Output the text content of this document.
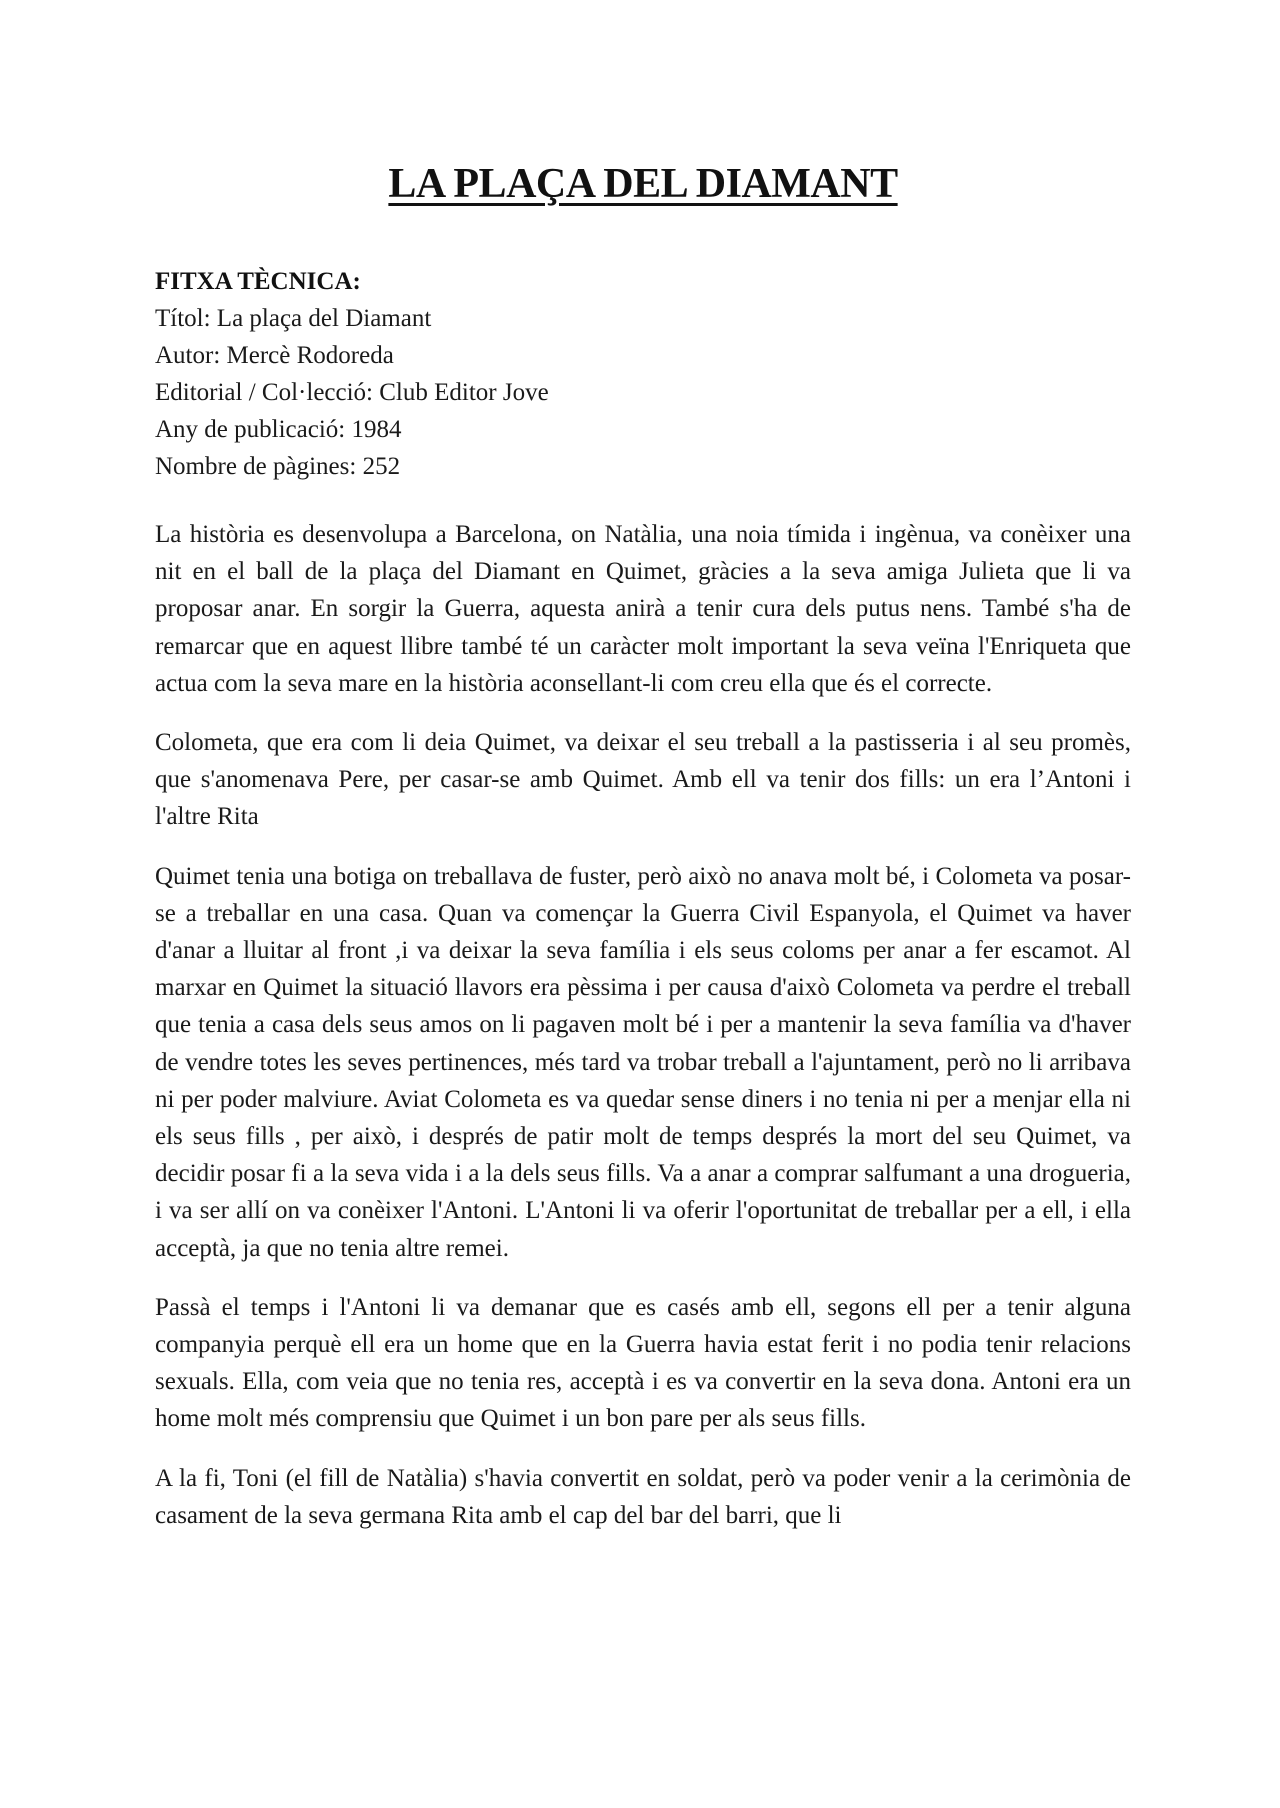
LA PLAÇA DEL DIAMANT
FITXA TÈCNICA:
Títol: La plaça del Diamant
Autor: Mercè Rodoreda
Editorial / Col·lecció: Club Editor Jove
Any de publicació: 1984
Nombre de pàgines: 252

La història es desenvolupa a Barcelona, on Natàlia, una noia tímida i ingènua, va conèixer una nit en el ball de la plaça del Diamant en Quimet, gràcies a la seva amiga Julieta que li va proposar anar. En sorgir la Guerra, aquesta anirà a tenir cura dels putus nens. També s'ha de remarcar que en aquest llibre també té un caràcter molt important la seva veïna l'Enriqueta que actua com la seva mare en la història aconsellant-li com creu ella que és el correcte.

Colometa, que era com li deia Quimet, va deixar el seu treball a la pastisseria i al seu promès, que s'anomenava Pere, per casar-se amb Quimet. Amb ell va tenir dos fills: un era l’Antoni i l'altre Rita

Quimet tenia una botiga on treballava de fuster, però això no anava molt bé, i Colometa va posar-se a treballar en una casa. Quan va començar la Guerra Civil Espanyola, el Quimet va haver d'anar a lluitar al front ,i va deixar la seva família i els seus coloms per anar a fer escamot. Al marxar en Quimet la situació llavors era pèssima i per causa d'això Colometa va perdre el treball que tenia a casa dels seus amos on li pagaven molt bé i per a mantenir la seva família va d'haver de vendre totes les seves pertinences, més tard va trobar treball a l'ajuntament, però no li arribava ni per poder malviure. Aviat Colometa es va quedar sense diners i no tenia ni per a menjar ella ni els seus fills , per això, i després de patir molt de temps després la mort del seu Quimet, va decidir posar fi a la seva vida i a la dels seus fills. Va a anar a comprar salfumant a una drogueria, i va ser allí on va conèixer l'Antoni. L'Antoni li va oferir l'oportunitat de treballar per a ell, i ella acceptà, ja que no tenia altre remei.

Passà el temps i l'Antoni li va demanar que es casés amb ell, segons ell per a tenir alguna companyia perquè ell era un home que en la Guerra havia estat ferit i no podia tenir relacions sexuals. Ella, com veia que no tenia res, acceptà i es va convertir en la seva dona. Antoni era un home molt més comprensiu que Quimet i un bon pare per als seus fills.

A la fi, Toni (el fill de Natàlia) s'havia convertit en soldat, però va poder venir a la cerimònia de casament de la seva germana Rita amb el cap del bar del barri, que li
